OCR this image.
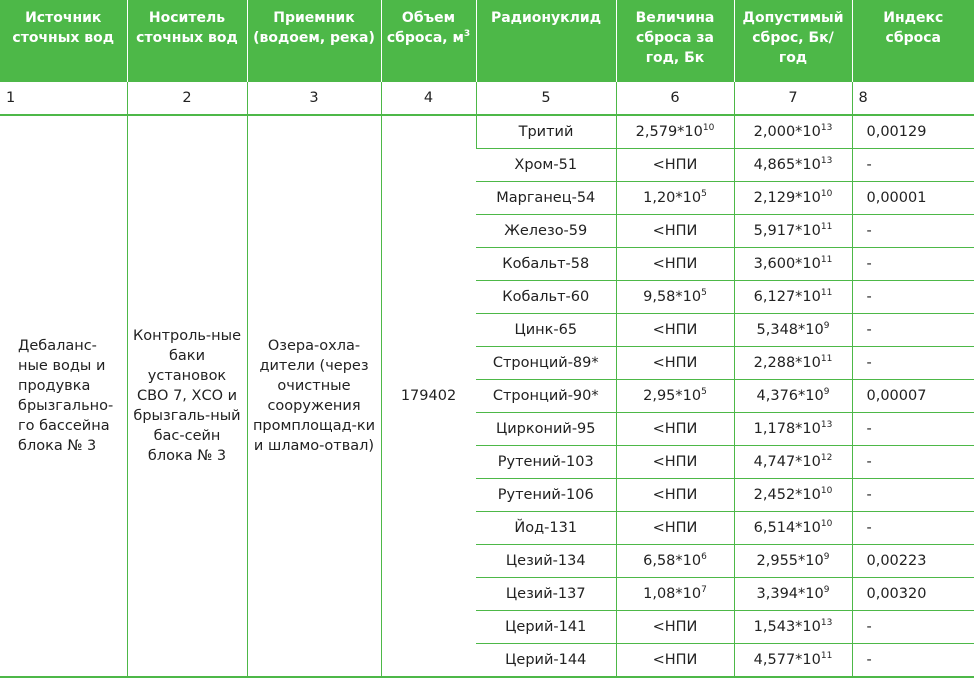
Источник сточных вод	Носитель сточных вод	Приемник (водоем, река)	Объем сброса, $м^3$	Радионуклид	Величина сброса за год, Бк	Допустимый сброс, Бк/год	Индекс сброса
1	2	3	4	5	6	7	8
Дебаланс-ные воды и продувка брызгально-го бассейна блока № 3	Контроль-ные баки установок СВО 7, ХСО и брызгаль-ный бас-сейн блока № 3	Озера-охла-дители (через очистные сооружения промплощад-ки и шламо-отвал)	179402	Тритий	$2,579*10^{10}$	$2,000*10^{13}$	0,00129
				Хром-51	<НПИ	$4,865*10^{13}$	-
				Марганец-54	$1,20*10^5$	$2,129*10^{10}$	0,00001
				Железо-59	<НПИ	$5,917*10^{11}$	-
				Кобальт-58	<НПИ	$3,600*10^{11}$	-
				Кобальт-60	$9,58*10^5$	$6,127*10^{11}$	-
				Цинк-65	<НПИ	$5,348*10^9$	-
				Стронций-89*	<НПИ	$2,288*10^{11}$	-
				Стронций-90*	$2,95*10^5$	$4,376*10^9$	0,00007
				Цирконий-95	<НПИ	$1,178*10^{13}$	-
				Рутений-103	<НПИ	$4,747*10^{12}$	-
				Рутений-106	<НПИ	$2,452*10^{10}$	-
				Йод-131	<НПИ	$6,514*10^{10}$	-
				Цезий-134	$6,58*10^6$	$2,955*10^9$	0,00223
				Цезий-137	$1,08*10^7$	$3,394*10^9$	0,00320
				Церий-141	<НПИ	$1,543*10^{13}$	-
				Церий-144	<НПИ	$4,577*10^{11}$	-
